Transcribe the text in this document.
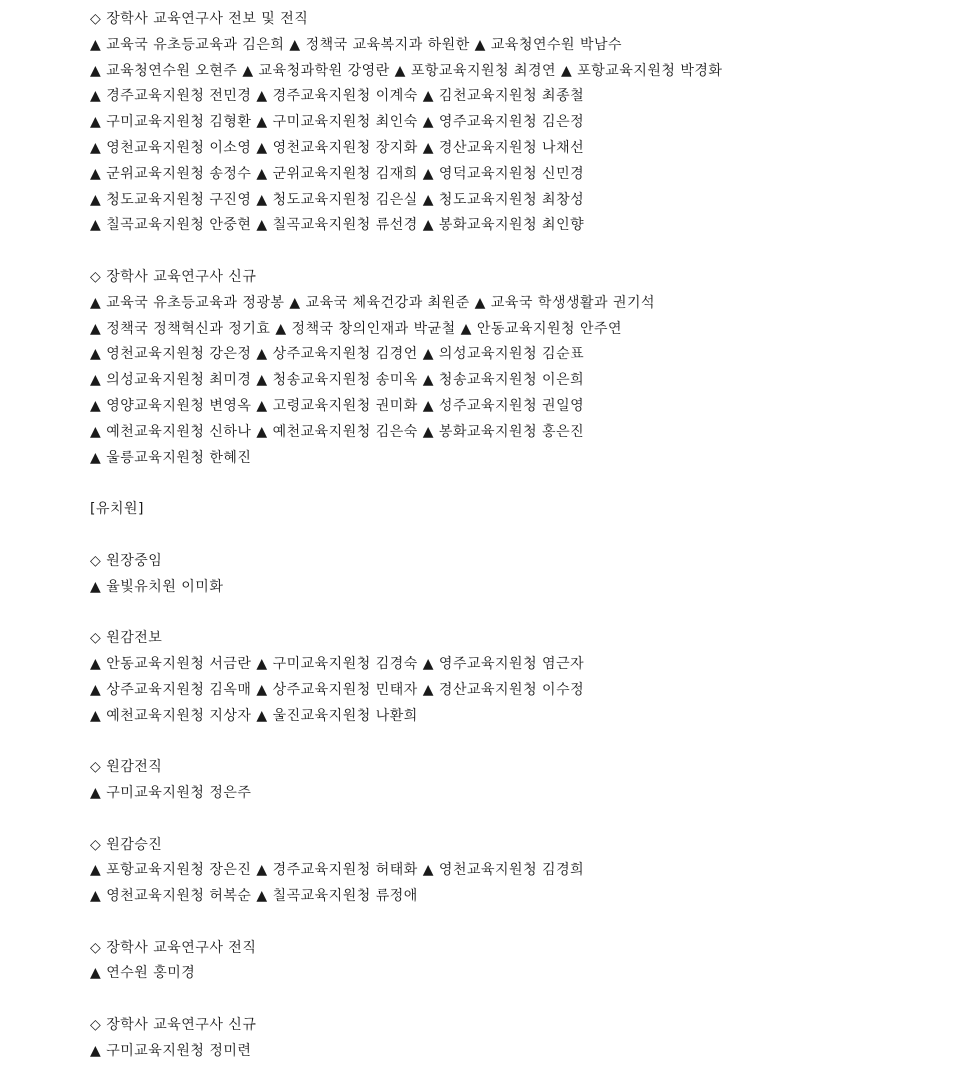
◇ 장학사 교육연구사 전보 및 전직
▲ 교육국 유초등교육과 김은희 ▲ 정책국 교육복지과 하원한 ▲ 교육청연수원 박남수
▲ 교육청연수원 오현주 ▲ 교육청과학원 강영란 ▲ 포항교육지원청 최경연 ▲ 포항교육지원청 박경화
▲ 경주교육지원청 전민경 ▲ 경주교육지원청 이계숙 ▲ 김천교육지원청 최종철
▲ 구미교육지원청 김형환 ▲ 구미교육지원청 최인숙 ▲ 영주교육지원청 김은정
▲ 영천교육지원청 이소영 ▲ 영천교육지원청 장지화 ▲ 경산교육지원청 나채선
▲ 군위교육지원청 송정수 ▲ 군위교육지원청 김재희 ▲ 영덕교육지원청 신민경
▲ 청도교육지원청 구진영 ▲ 청도교육지원청 김은실 ▲ 청도교육지원청 최창성
▲ 칠곡교육지원청 안중현 ▲ 칠곡교육지원청 류선경 ▲ 봉화교육지원청 최인향
◇ 장학사 교육연구사 신규
▲ 교육국 유초등교육과 정광봉 ▲ 교육국 체육건강과 최원준 ▲ 교육국 학생생활과 권기석
▲ 정책국 정책혁신과 정기효 ▲ 정책국 창의인재과 박균철 ▲ 안동교육지원청 안주연
▲ 영천교육지원청 강은정 ▲ 상주교육지원청 김경언 ▲ 의성교육지원청 김순표
▲ 의성교육지원청 최미경 ▲ 청송교육지원청 송미옥 ▲ 청송교육지원청 이은희
▲ 영양교육지원청 변영옥 ▲ 고령교육지원청 권미화 ▲ 성주교육지원청 권일영
▲ 예천교육지원청 신하나 ▲ 예천교육지원청 김은숙 ▲ 봉화교육지원청 홍은진
▲ 울릉교육지원청 한혜진
[유치원]
◇ 원장중임
▲ 율빛유치원 이미화
◇ 원감전보
▲ 안동교육지원청 서금란 ▲ 구미교육지원청 김경숙 ▲ 영주교육지원청 염근자
▲ 상주교육지원청 김옥매 ▲ 상주교육지원청 민태자 ▲ 경산교육지원청 이수정
▲ 예천교육지원청 지상자 ▲ 울진교육지원청 나환희
◇ 원감전직
▲ 구미교육지원청 정은주
◇ 원감승진
▲ 포항교육지원청 장은진 ▲ 경주교육지원청 허태화 ▲ 영천교육지원청 김경희
▲ 영천교육지원청 허복순 ▲ 칠곡교육지원청 류정애
◇ 장학사 교육연구사 전직
▲ 연수원 홍미경
◇ 장학사 교육연구사 신규
▲ 구미교육지원청 정미련
